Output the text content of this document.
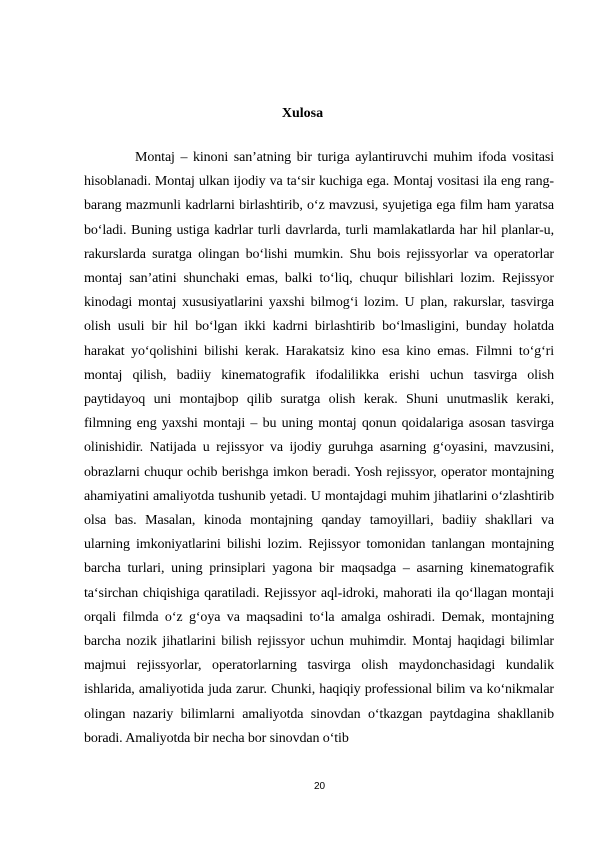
Xulosa

Montaj – kinoni san’atning bir turiga aylantiruvchi muhim ifoda vositasi hisoblanadi. Montaj ulkan ijodiy va ta‘sir kuchiga ega. Montaj vositasi ila eng rang-barang mazmunli kadrlarni birlashtirib, o‘z mavzusi, syujetiga ega film ham yaratsa bo‘ladi. Buning ustiga kadrlar turli davrlarda, turli mamlakatlarda har hil planlar-u, rakurslarda suratga olingan bo‘lishi mumkin. Shu bois rejissyorlar va operatorlar montaj san’atini shunchaki emas, balki to‘liq, chuqur bilishlari lozim. Rejissyor kinodagi montaj xususiyatlarini yaxshi bilmog‘i lozim. U plan, rakurslar, tasvirga olish usuli bir hil bo‘lgan ikki kadrni birlashtirib bo‘lmasligini, bunday holatda harakat yo‘qolishini bilishi kerak. Harakatsiz kino esa kino emas. Filmni to‘g‘ri montaj qilish, badiiy kinematografik ifodalilikka erishi uchun tasvirga olish paytidayoq uni montajbop qilib suratga olish kerak. Shuni unutmaslik keraki, filmning eng yaxshi montaji – bu uning montaj qonun qoidalariga asosan tasvirga olinishidir. Natijada u rejissyor va ijodiy guruhga asarning g‘oyasini, mavzusini, obrazlarni chuqur ochib berishga imkon beradi. Yosh rejissyor, operator montajning ahamiyatini amaliyotda tushunib yetadi. U montajdagi muhim jihatlarini o‘zlashtirib olsa bas. Masalan, kinoda montajning qanday tamoyillari, badiiy shakllari va ularning imkoniyatlarini bilishi lozim. Rejissyor tomonidan tanlangan montajning barcha turlari, uning prinsiplari yagona bir maqsadga – asarning kinematografik ta‘sirchan chiqishiga qaratiladi. Rejissyor aql-idroki, mahorati ila qo‘llagan montaji orqali filmda o‘z g‘oya va maqsadini to‘la amalga oshiradi. Demak, montajning barcha nozik jihatlarini bilish rejissyor uchun muhimdir. Montaj haqidagi bilimlar majmui rejissyorlar, operatorlarning tasvirga olish maydonchasidagi kundalik ishlarida, amaliyotida juda zarur. Chunki, haqiqiy professional bilim va ko‘nikmalar olingan nazariy bilimlarni amaliyotda sinovdan o‘tkazgan paytdagina shakllanib boradi. Amaliyotda bir necha bor sinovdan o‘tib

20
